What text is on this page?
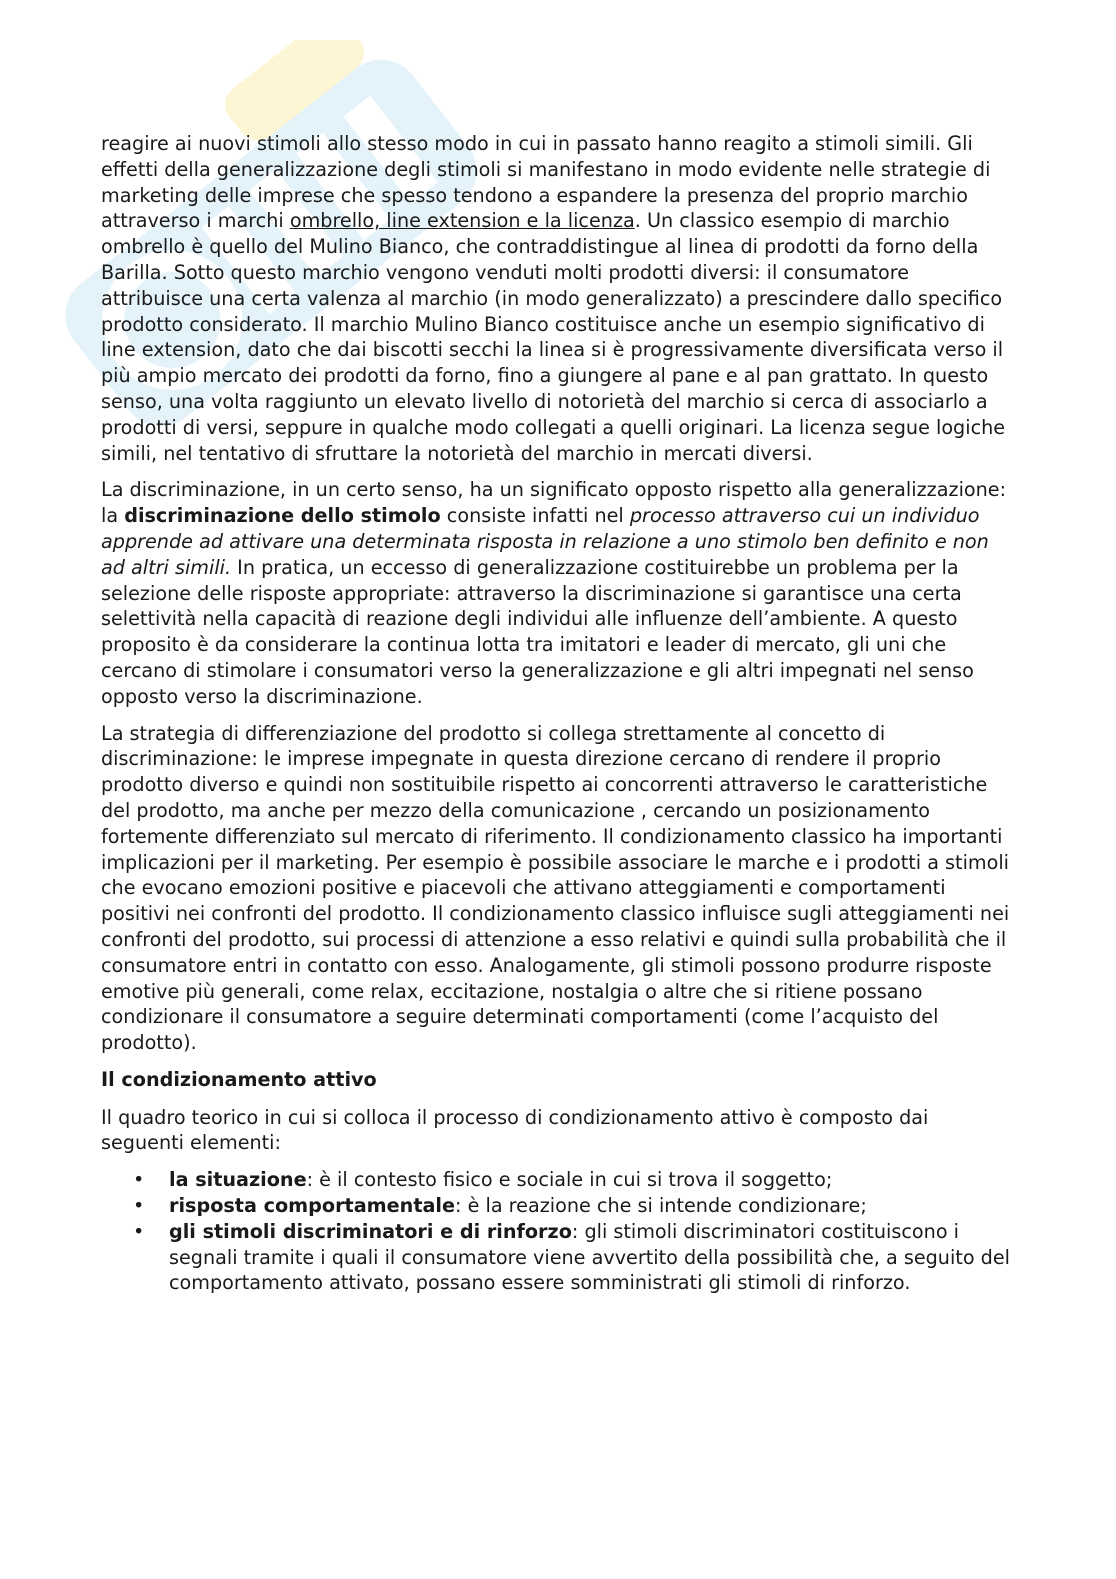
reagire ai nuovi stimoli allo stesso modo in cui in passato hanno reagito a stimoli simili. Gli effetti della generalizzazione degli stimoli si manifestano in modo evidente nelle strategie di marketing delle imprese che spesso tendono a espandere la presenza del proprio marchio attraverso i marchi ombrello, line extension e la licenza. Un classico esempio di marchio ombrello è quello del Mulino Bianco, che contraddistingue al linea di prodotti da forno della Barilla. Sotto questo marchio vengono venduti molti prodotti diversi: il consumatore attribuisce una certa valenza al marchio (in modo generalizzato) a prescindere dallo specifico prodotto considerato. Il marchio Mulino Bianco costituisce anche un esempio significativo di line extension, dato che dai biscotti secchi la linea si è progressivamente diversificata verso il più ampio mercato dei prodotti da forno, fino a giungere al pane e al pan grattato. In questo senso, una volta raggiunto un elevato livello di notorietà del marchio si cerca di associarlo a prodotti di versi, seppure in qualche modo collegati a quelli originari. La licenza segue logiche simili, nel tentativo di sfruttare la notorietà del marchio in mercati diversi.

La discriminazione, in un certo senso, ha un significato opposto rispetto alla generalizzazione: la discriminazione dello stimolo consiste infatti nel processo attraverso cui un individuo apprende ad attivare una determinata risposta in relazione a uno stimolo ben definito e non ad altri simili. In pratica, un eccesso di generalizzazione costituirebbe un problema per la selezione delle risposte appropriate: attraverso la discriminazione si garantisce una certa selettività nella capacità di reazione degli individui alle influenze dell’ambiente. A questo proposito è da considerare la continua lotta tra imitatori e leader di mercato, gli uni che cercano di stimolare i consumatori verso la generalizzazione e gli altri impegnati nel senso opposto verso la discriminazione.

La strategia di differenziazione del prodotto si collega strettamente al concetto di discriminazione: le imprese impegnate in questa direzione cercano di rendere il proprio prodotto diverso e quindi non sostituibile rispetto ai concorrenti attraverso le caratteristiche del prodotto, ma anche per mezzo della comunicazione , cercando un posizionamento fortemente differenziato sul mercato di riferimento. Il condizionamento classico ha importanti implicazioni per il marketing. Per esempio è possibile associare le marche e i prodotti a stimoli che evocano emozioni positive e piacevoli che attivano atteggiamenti e comportamenti positivi nei confronti del prodotto. Il condizionamento classico influisce sugli atteggiamenti nei confronti del prodotto, sui processi di attenzione a esso relativi e quindi sulla probabilità che il consumatore entri in contatto con esso. Analogamente, gli stimoli possono produrre risposte emotive più generali, come relax, eccitazione, nostalgia o altre che si ritiene possano condizionare il consumatore a seguire determinati comportamenti (come l’acquisto del prodotto).

Il condizionamento attivo

Il quadro teorico in cui si colloca il processo di condizionamento attivo è composto dai seguenti elementi:

• la situazione: è il contesto fisico e sociale in cui si trova il soggetto;
• risposta comportamentale: è la reazione che si intende condizionare;
• gli stimoli discriminatori e di rinforzo: gli stimoli discriminatori costituiscono i segnali tramite i quali il consumatore viene avvertito della possibilità che, a seguito del comportamento attivato, possano essere somministrati gli stimoli di rinforzo.
